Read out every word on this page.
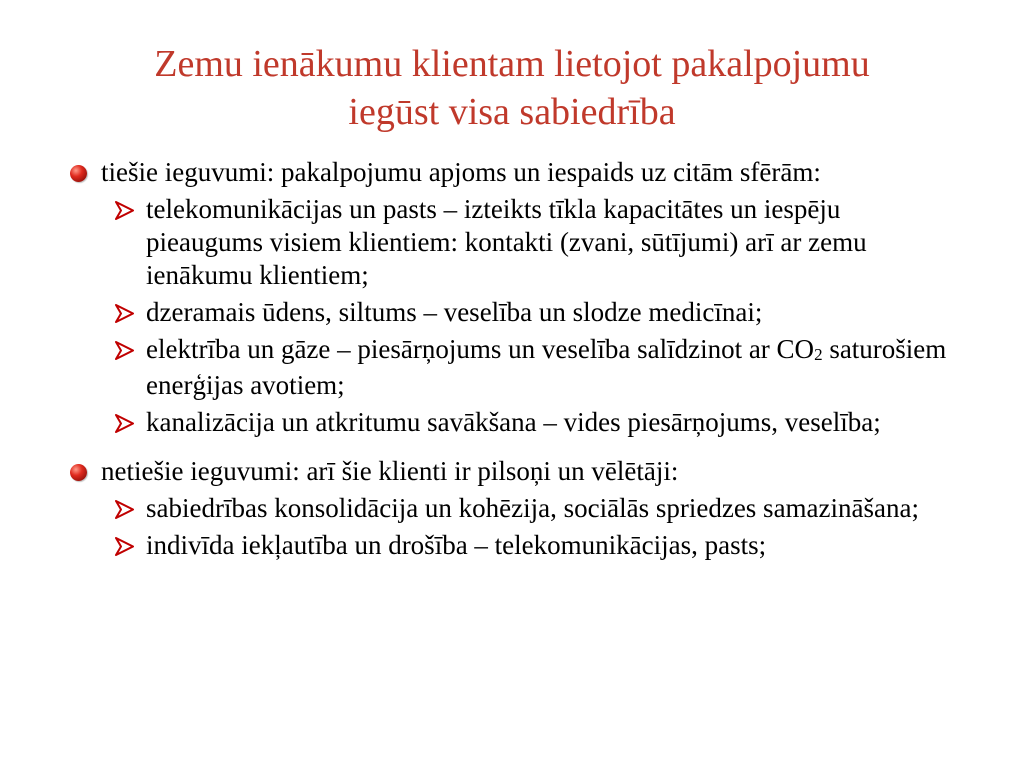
Zemu ienākumu klientam lietojot pakalpojumu
iegūst visa sabiedrība
tiešie ieguvumi: pakalpojumu apjoms un iespaids uz citām sfērām:
telekomunikācijas un pasts – izteikts tīkla kapacitātes un iespēju pieaugums visiem klientiem: kontakti (zvani, sūtījumi) arī ar zemu ienākumu klientiem;
dzeramais ūdens, siltums – veselība un slodze medicīnai;
elektrība un gāze – piesārņojums un veselība salīdzinot ar $CO_2$ saturošiem enerģijas avotiem;
kanalizācija un atkritumu savākšana – vides piesārņojums, veselība;
netiešie ieguvumi: arī šie klienti ir pilsoņi un vēlētāji:
sabiedrības konsolidācija un kohēzija, sociālās spriedzes samazināšana;
indivīda iekļautība un drošība – telekomunikācijas, pasts;
